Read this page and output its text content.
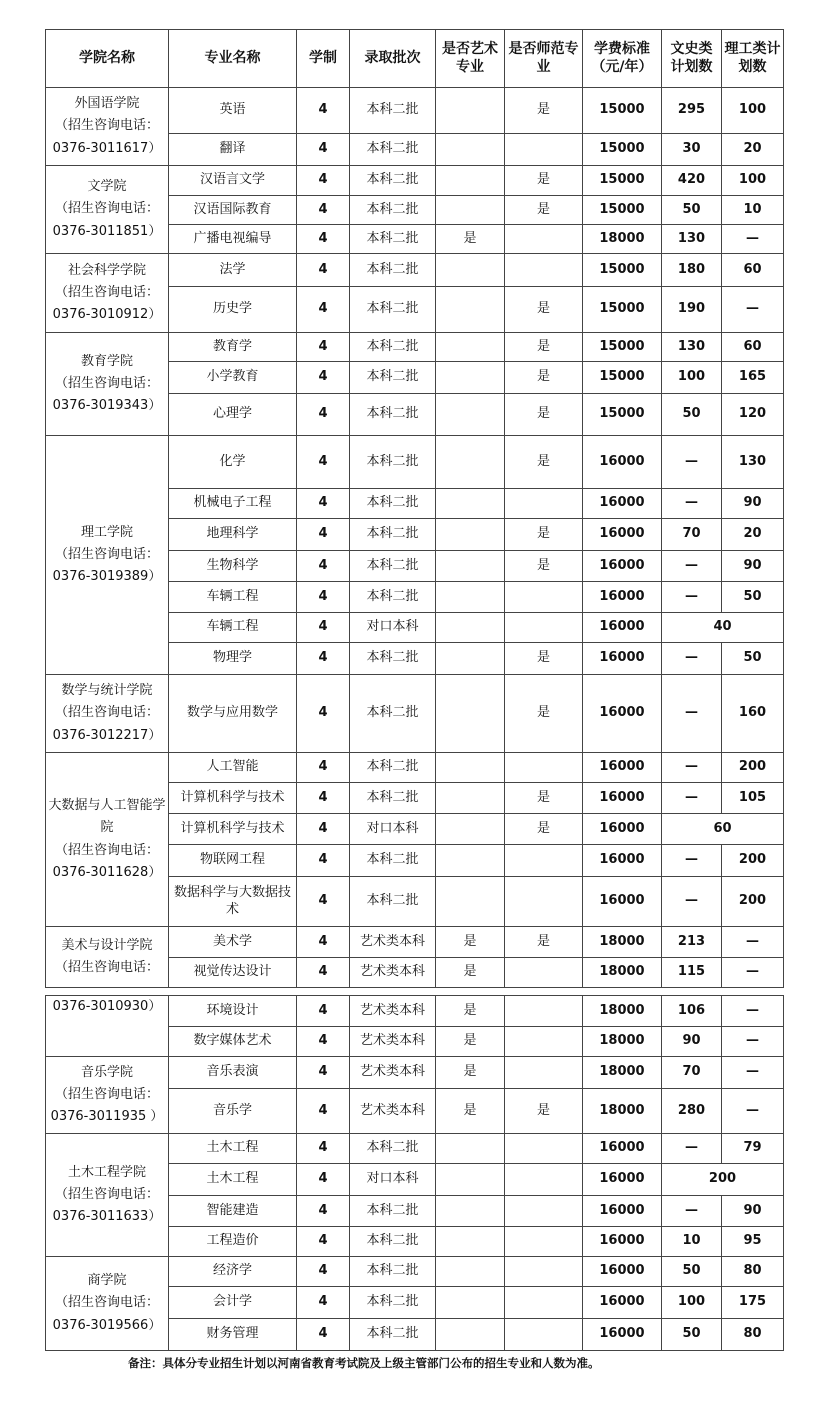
学院名称	专业名称	学制	录取批次	是否艺术专业	是否师范专业	学费标准（元/年）	文史类计划数	理工类计划数

外国语学院
（招生咨询电话：
0376-3011617）	英语	4	本科二批		是	15000	295	100
	翻译	4	本科二批			15000	30	20

文学院
（招生咨询电话：
0376-3011851）	汉语言文学	4	本科二批		是	15000	420	100
	汉语国际教育	4	本科二批		是	15000	50	10
	广播电视编导	4	本科二批	是		18000	130	—

社会科学学院
（招生咨询电话：
0376-3010912）	法学	4	本科二批			15000	180	60
	历史学	4	本科二批		是	15000	190	—

教育学院
（招生咨询电话：
0376-3019343）	教育学	4	本科二批		是	15000	130	60
	小学教育	4	本科二批		是	15000	100	165
	心理学	4	本科二批		是	15000	50	120

理工学院
（招生咨询电话：
0376-3019389）	化学	4	本科二批		是	16000	—	130
	机械电子工程	4	本科二批			16000	—	90
	地理科学	4	本科二批		是	16000	70	20
	生物科学	4	本科二批		是	16000	—	90
	车辆工程	4	本科二批			16000	—	50
	车辆工程	4	对口本科			16000	40	
	物理学	4	本科二批		是	16000	—	50

数学与统计学院
（招生咨询电话：
0376-3012217）	数学与应用数学	4	本科二批		是	16000	—	160

大数据与人工智能学院
（招生咨询电话：
0376-3011628）	人工智能	4	本科二批			16000	—	200
	计算机科学与技术	4	本科二批		是	16000	—	105
	计算机科学与技术	4	对口本科		是	16000	60	
	物联网工程	4	本科二批			16000	—	200
	数据科学与大数据技术	4	本科二批			16000	—	200

美术与设计学院
（招生咨询电话：	美术学	4	艺术类本科	是	是	18000	213	—
	视觉传达设计	4	艺术类本科	是		18000	115	—
0376-3010930）	环境设计	4	艺术类本科	是		18000	106	—
	数字媒体艺术	4	艺术类本科	是		18000	90	—

音乐学院
（招生咨询电话：
0376-3011935 ）	音乐表演	4	艺术类本科	是		18000	70	—
	音乐学	4	艺术类本科	是	是	18000	280	—

土木工程学院
（招生咨询电话：
0376-3011633）	土木工程	4	本科二批			16000	—	79
	土木工程	4	对口本科			16000	200	
	智能建造	4	本科二批			16000	—	90
	工程造价	4	本科二批			16000	10	95

商学院
（招生咨询电话：
0376-3019566）	经济学	4	本科二批			16000	50	80
	会计学	4	本科二批			16000	100	175
	财务管理	4	本科二批			16000	50	80
备注：具体分专业招生计划以河南省教育考试院及上级主管部门公布的招生专业和人数为准。
